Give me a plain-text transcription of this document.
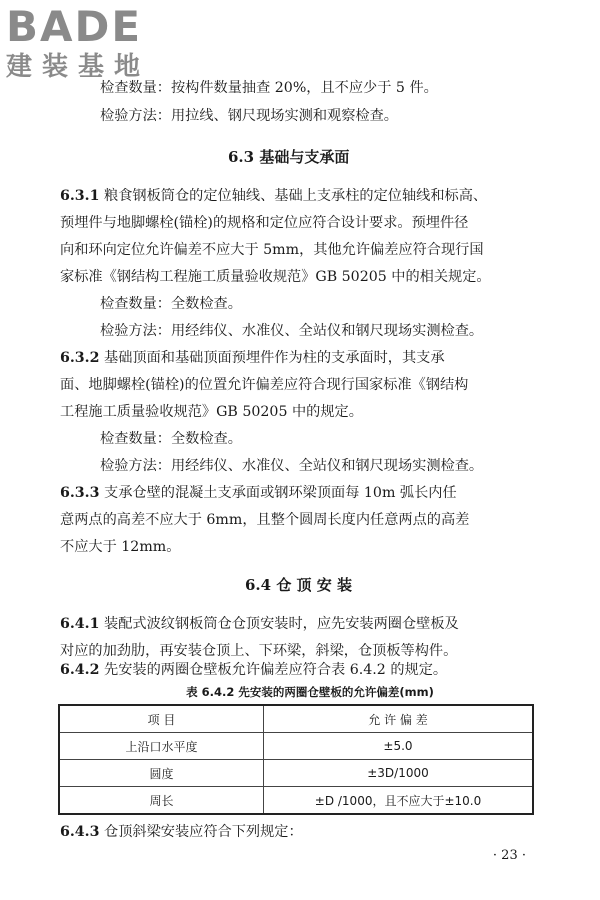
BADE
建装基地
检查数量：按构件数量抽查 20%，且不应少于 5 件。
检验方法：用拉线、钢尺现场实测和观察检查。
6.3 基础与支承面
6.3.1 粮食钢板筒仓的定位轴线、基础上支承柱的定位轴线和标高、
预埋件与地脚螺栓(锚栓)的规格和定位应符合设计要求。预埋件径
向和环向定位允许偏差不应大于 5mm，其他允许偏差应符合现行国
家标准《钢结构工程施工质量验收规范》GB 50205 中的相关规定。
检查数量：全数检查。
检验方法：用经纬仪、水准仪、全站仪和钢尺现场实测检查。
6.3.2 基础顶面和基础顶面预埋件作为柱的支承面时，其支承
面、地脚螺栓(锚栓)的位置允许偏差应符合现行国家标准《钢结构
工程施工质量验收规范》GB 50205 中的规定。
检查数量：全数检查。
检验方法：用经纬仪、水准仪、全站仪和钢尺现场实测检查。
6.3.3 支承仓壁的混凝土支承面或钢环梁顶面每 10m 弧长内任
意两点的高差不应大于 6mm，且整个圆周长度内任意两点的高差
不应大于 12mm。
6.4 仓 顶 安 装
6.4.1 装配式波纹钢板筒仓仓顶安装时，应先安装两圈仓壁板及
对应的加劲肋，再安装仓顶上、下环梁，斜梁，仓顶板等构件。
6.4.2 先安装的两圈仓壁板允许偏差应符合表 6.4.2 的规定。
表 6.4.2 先安装的两圈仓壁板的允许偏差(mm)
项 目	允 许 偏 差
上沿口水平度	±5.0
圆度	±3D/1000
周长	±D /1000，且不应大于±10.0
6.4.3 仓顶斜梁安装应符合下列规定：
· 23 ·
